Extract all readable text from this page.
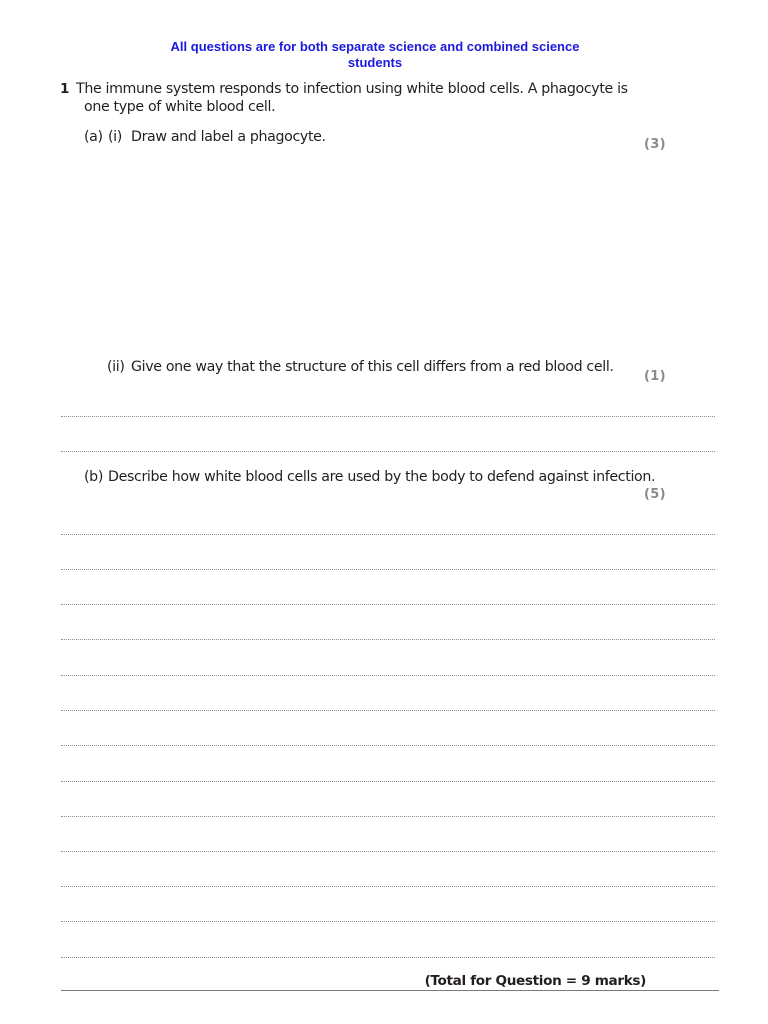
All questions are for both separate science and combined science
students
1 The immune system responds to infection using white blood cells. A phagocyte is
one type of white blood cell.
(a) (i) Draw and label a phagocyte.	(3)
(ii) Give one way that the structure of this cell differs from a red blood cell.
(1)
(b) Describe how white blood cells are used by the body to defend against infection.
(5)
(Total for Question = 9 marks)
